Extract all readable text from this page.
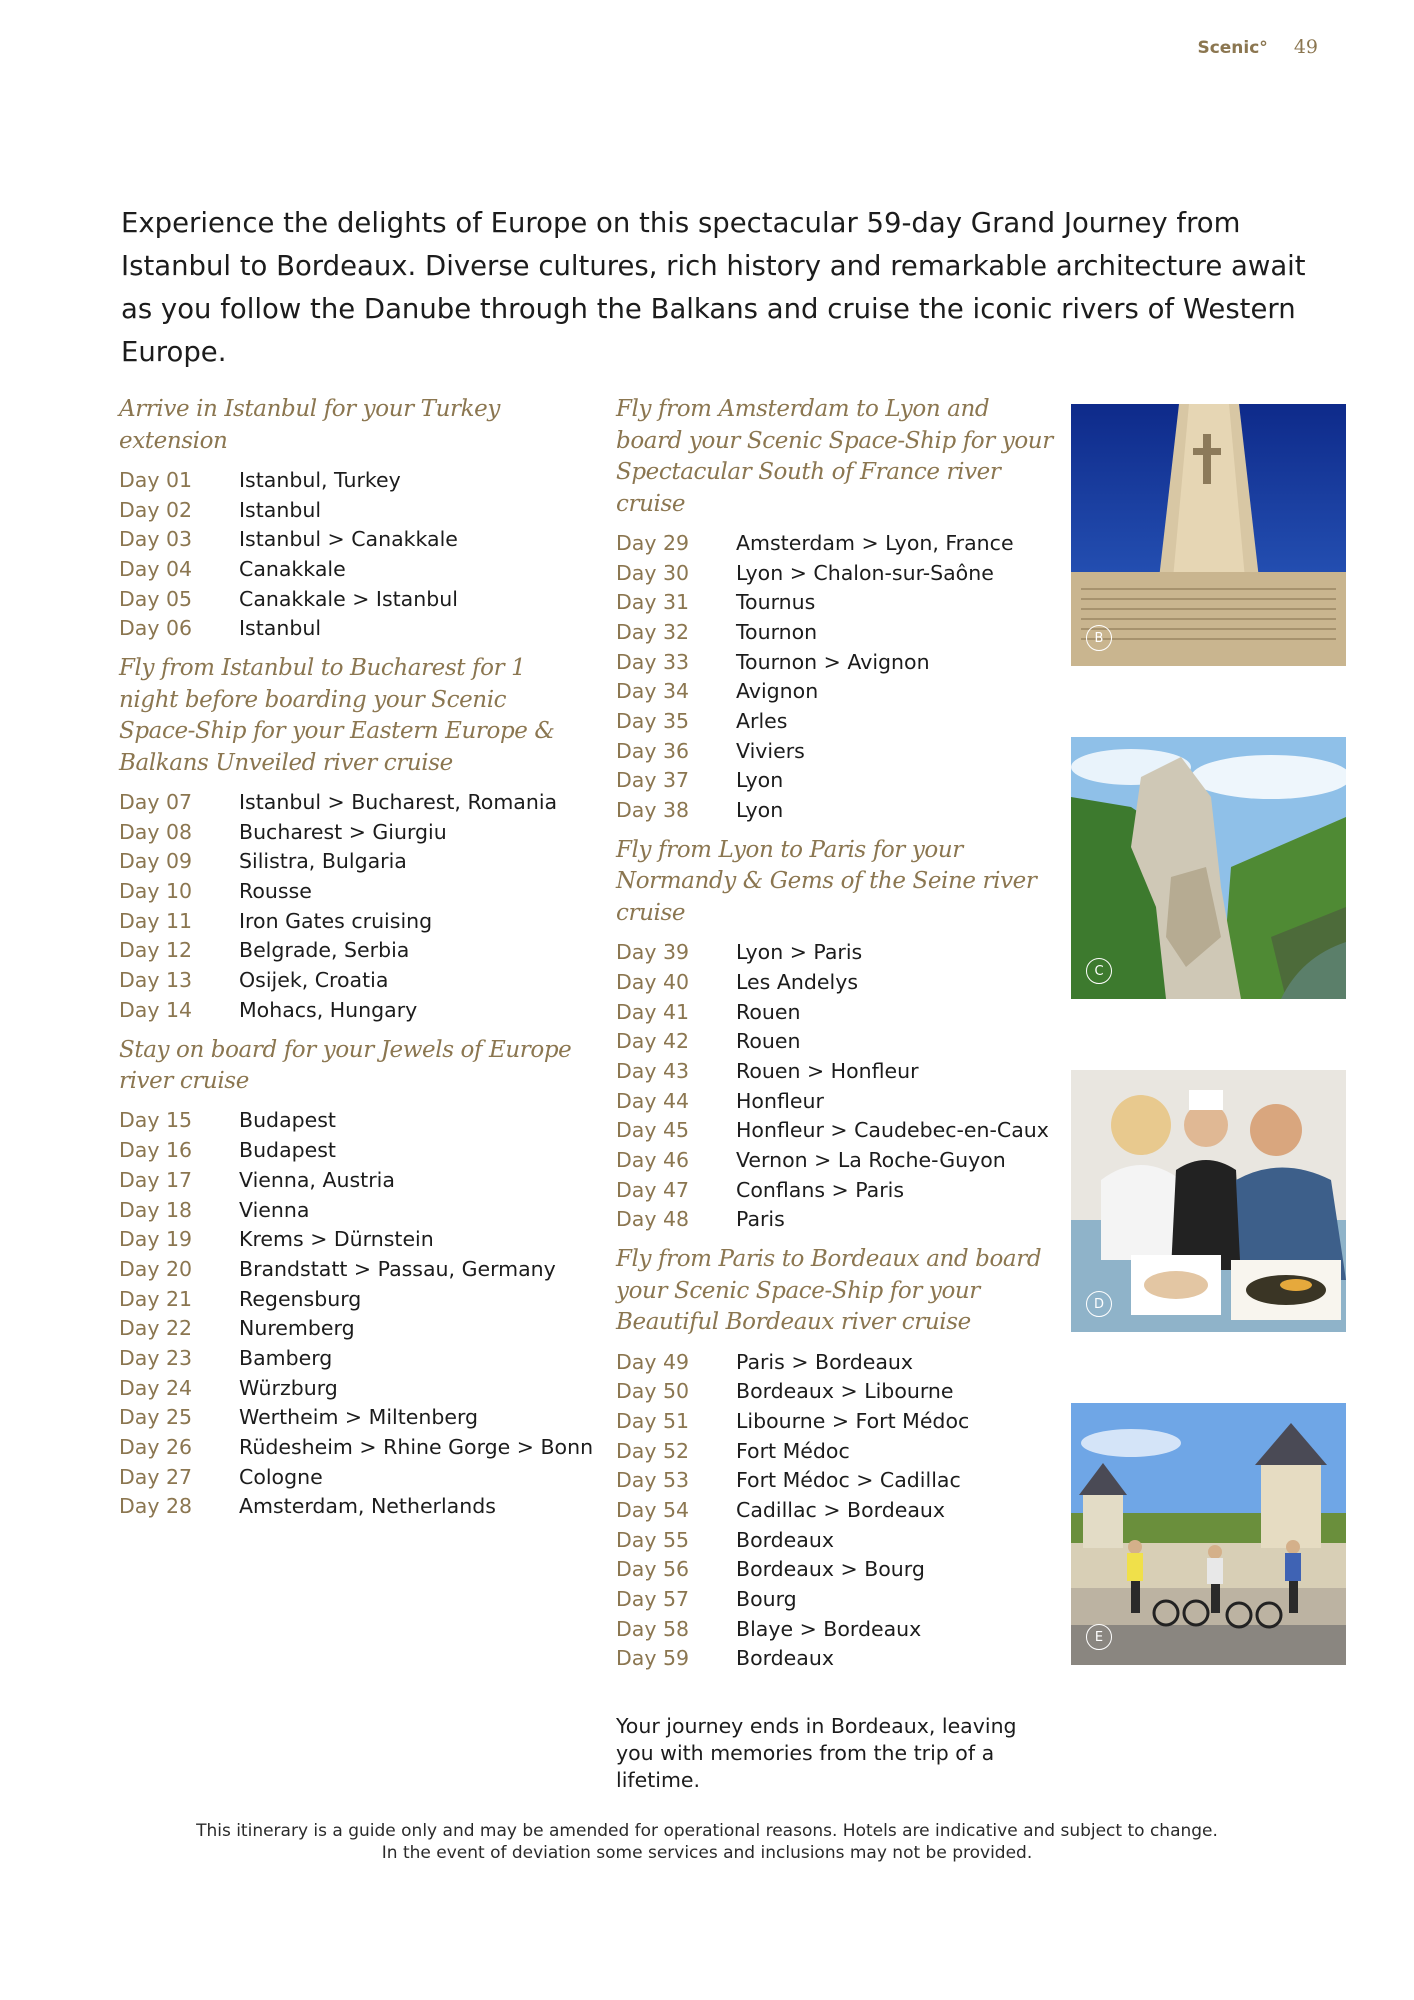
Scenic° 49
Experience the delights of Europe on this spectacular 59-day Grand Journey from Istanbul to Bordeaux. Diverse cultures, rich history and remarkable architecture await as you follow the Danube through the Balkans and cruise the iconic rivers of Western Europe.
Arrive in Istanbul for your Turkey extension
Day 01	Istanbul, Turkey
Day 02	Istanbul
Day 03	Istanbul > Canakkale
Day 04	Canakkale
Day 05	Canakkale > Istanbul
Day 06	Istanbul
Fly from Istanbul to Bucharest for 1 night before boarding your Scenic Space-Ship for your Eastern Europe & Balkans Unveiled river cruise
Day 07	Istanbul > Bucharest, Romania
Day 08	Bucharest > Giurgiu
Day 09	Silistra, Bulgaria
Day 10	Rousse
Day 11	Iron Gates cruising
Day 12	Belgrade, Serbia
Day 13	Osijek, Croatia
Day 14	Mohacs, Hungary
Stay on board for your Jewels of Europe river cruise
Day 15	Budapest
Day 16	Budapest
Day 17	Vienna, Austria
Day 18	Vienna
Day 19	Krems > Dürnstein
Day 20	Brandstatt > Passau, Germany
Day 21	Regensburg
Day 22	Nuremberg
Day 23	Bamberg
Day 24	Würzburg
Day 25	Wertheim > Miltenberg
Day 26	Rüdesheim > Rhine Gorge > Bonn
Day 27	Cologne
Day 28	Amsterdam, Netherlands
Fly from Amsterdam to Lyon and board your Scenic Space-Ship for your Spectacular South of France river cruise
Day 29	Amsterdam > Lyon, France
Day 30	Lyon > Chalon-sur-Saône
Day 31	Tournus
Day 32	Tournon
Day 33	Tournon > Avignon
Day 34	Avignon
Day 35	Arles
Day 36	Viviers
Day 37	Lyon
Day 38	Lyon
Fly from Lyon to Paris for your Normandy & Gems of the Seine river cruise
Day 39	Lyon > Paris
Day 40	Les Andelys
Day 41	Rouen
Day 42	Rouen
Day 43	Rouen > Honfleur
Day 44	Honfleur
Day 45	Honfleur > Caudebec-en-Caux
Day 46	Vernon > La Roche-Guyon
Day 47	Conflans > Paris
Day 48	Paris
Fly from Paris to Bordeaux and board your Scenic Space-Ship for your Beautiful Bordeaux river cruise
Day 49	Paris > Bordeaux
Day 50	Bordeaux > Libourne
Day 51	Libourne > Fort Médoc
Day 52	Fort Médoc
Day 53	Fort Médoc > Cadillac
Day 54	Cadillac > Bordeaux
Day 55	Bordeaux
Day 56	Bordeaux > Bourg
Day 57	Bourg
Day 58	Blaye > Bordeaux
Day 59	Bordeaux
Your journey ends in Bordeaux, leaving you with memories from the trip of a lifetime.
B
C
D
E
This itinerary is a guide only and may be amended for operational reasons. Hotels are indicative and subject to change.
In the event of deviation some services and inclusions may not be provided.
